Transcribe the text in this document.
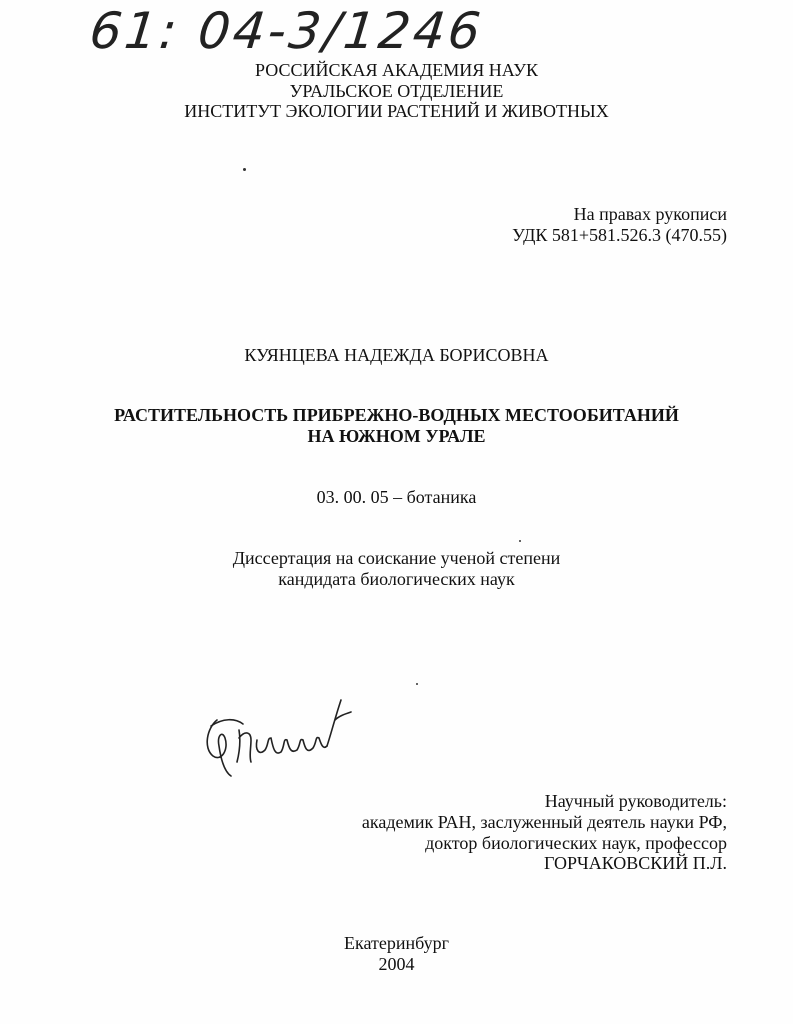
61: 04-3/1246
РОССИЙСКАЯ АКАДЕМИЯ НАУК
УРАЛЬСКОЕ ОТДЕЛЕНИЕ
ИНСТИТУТ ЭКОЛОГИИ РАСТЕНИЙ И ЖИВОТНЫХ
На правах рукописи
УДК 581+581.526.3 (470.55)
КУЯНЦЕВА НАДЕЖДА БОРИСОВНА
РАСТИТЕЛЬНОСТЬ ПРИБРЕЖНО-ВОДНЫХ МЕСТООБИТАНИЙ
НА ЮЖНОМ УРАЛЕ
03. 00. 05 – ботаника
Диссертация на соискание ученой степени
кандидата биологических наук
Научный руководитель:
академик РАН, заслуженный деятель науки РФ,
доктор биологических наук, профессор
ГОРЧАКОВСКИЙ П.Л.
Екатеринбург
2004
